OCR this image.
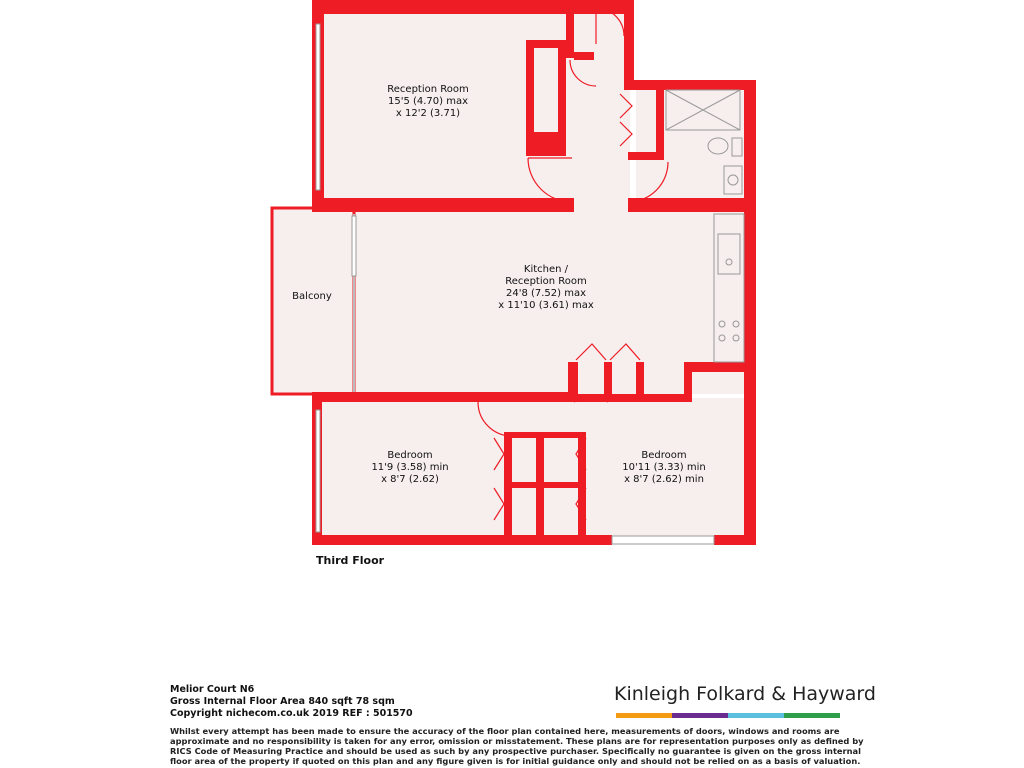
Reception Room
15'5 (4.70) max
x 12'2 (3.71)
Kitchen /
Reception Room
24'8 (7.52) max
x 11'10 (3.61) max
Balcony
Bedroom
11'9 (3.58) min
x 8'7 (2.62)
Bedroom
10'11 (3.33) min
x 8'7 (2.62) min
Third Floor
Melior Court N6
Gross Internal Floor Area 840 sqft 78 sqm
Copyright nichecom.co.uk 2019 REF : 501570
Whilst every attempt has been made to ensure the accuracy of the floor plan contained here, measurements of doors, windows and rooms are approximate and no responsibility is taken for any error, omission or misstatement. These plans are for representation purposes only as defined by RICS Code of Measuring Practice and should be used as such by any prospective purchaser. Specifically no guarantee is given on the gross internal floor area of the property if quoted on this plan and any figure given is for initial guidance only and should not be relied on as a basis of valuation.
Kinleigh Folkard & Hayward
